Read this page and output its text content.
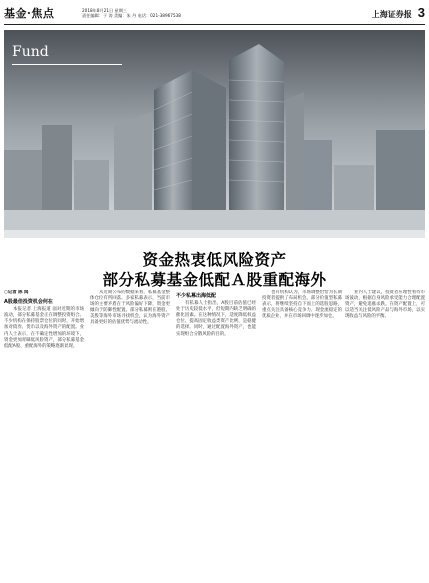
基金·焦点	2018年8月21日 星期三
责任编辑：于 涛 美编：朱 丹 电话：021-38967538	上海证券报 3
Fund
资金热衷低风险资产
部分私募基金低配Ａ股重配海外
○记者 陈 鸿
A股最佳投资机会何在

本报记者 上海报道 面对近期的市场波动，部分私募基金正在调整投资组合。不少机构在保持股票仓位的同时，开始增加对债券、货币以及海外资产的配置。业内人士表示，在不确定性增加的环境下，资金更加青睐低风险资产，部分私募基金低配A股、重配海外的策略逐渐显现。

从近期公布的数据来看，私募基金整体仓位有所回落。多家私募表示，当前市场的主要矛盾在于风险偏好下降，资金更倾向于防御性配置。部分私募则在港股、美股等海外市场寻找机会，认为海外资产具备更好的估值优势与流动性。

不少私募出海低配

有私募人士指出，A股目前估值已经处于历史较低水平，但短期内缺乏明确的催化因素。在这种情况下，适度降低权益仓位、提高固定收益类资产比例，是稳健的选择。同时，通过配置海外资产，也能实现组合分散风险的目的。

也有机构认为，市场调整恰恰为长期投资者提供了布局机会。部分价值型私募表示，将继续坚持自下而上的选股思路，重点关注具备核心竞争力、现金流稳定的优质企业，并在市场回调中逐步加仓。

业内人士建议，投资者应理性看待市场波动，根据自身风险承受能力合理配置资产，避免追涨杀跌。在资产配置上，可以适当关注低风险产品与海外市场，以实现收益与风险的平衡。
